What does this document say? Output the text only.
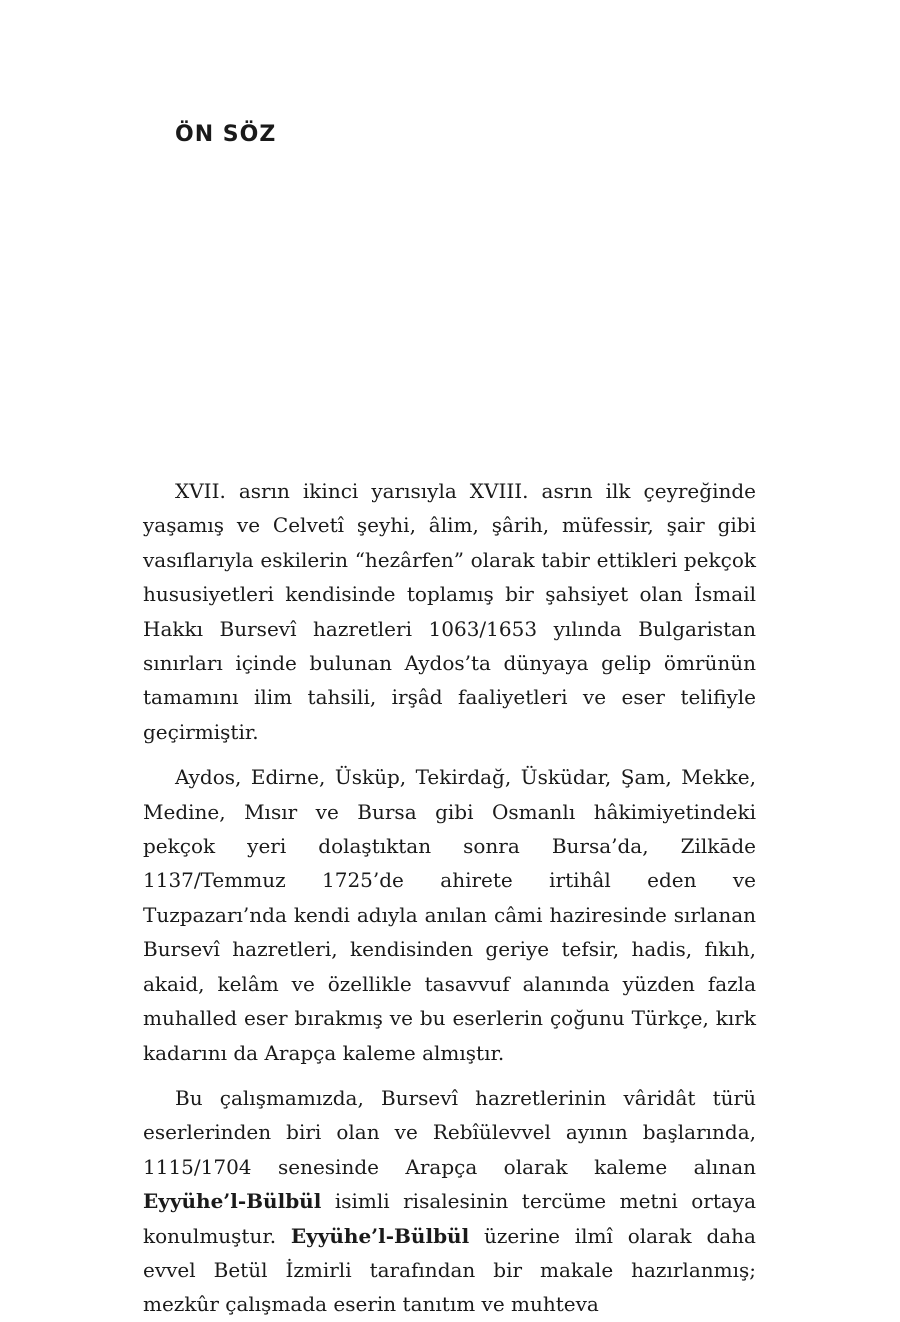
ÖN SÖZ

XVII. asrın ikinci yarısıyla XVIII. asrın ilk çeyreğinde yaşamış ve Celvetî şeyhi, âlim, şârih, müfessir, şair gibi vasıflarıyla eskilerin “hezârfen” olarak tabir ettikleri pekçok hususiyetleri kendisinde toplamış bir şahsiyet olan İsmail Hakkı Bursevî hazretleri 1063/1653 yılında Bulgaristan sınırları içinde bulunan Aydos’ta dünyaya gelip ömrünün tamamını ilim tahsili, irşâd faaliyetleri ve eser telifiyle geçirmiştir.

Aydos, Edirne, Üsküp, Tekirdağ, Üsküdar, Şam, Mekke, Medine, Mısır ve Bursa gibi Osmanlı hâkimiyetindeki pekçok yeri dolaştıktan sonra Bursa’da, Zilkāde 1137/Temmuz 1725’de ahirete irtihâl eden ve Tuzpazarı’nda kendi adıyla anılan câmi haziresinde sırlanan Bursevî hazretleri, kendisinden geriye tefsir, hadis, fıkıh, akaid, kelâm ve özellikle tasavvuf alanında yüzden fazla muhalled eser bırakmış ve bu eserlerin çoğunu Türkçe, kırk kadarını da Arapça kaleme almıştır.

Bu çalışmamızda, Bursevî hazretlerinin vâridât türü eserlerinden biri olan ve Rebîülevvel ayının başlarında, 1115/1704 senesinde Arapça olarak kaleme alınan Eyyühe’l-Bülbül isimli risalesinin tercüme metni ortaya konulmuştur. Eyyühe’l-Bülbül üzerine ilmî olarak daha evvel Betül İzmirli tarafından bir makale hazırlanmış; mezkûr çalışmada eserin tanıtım ve muhteva
